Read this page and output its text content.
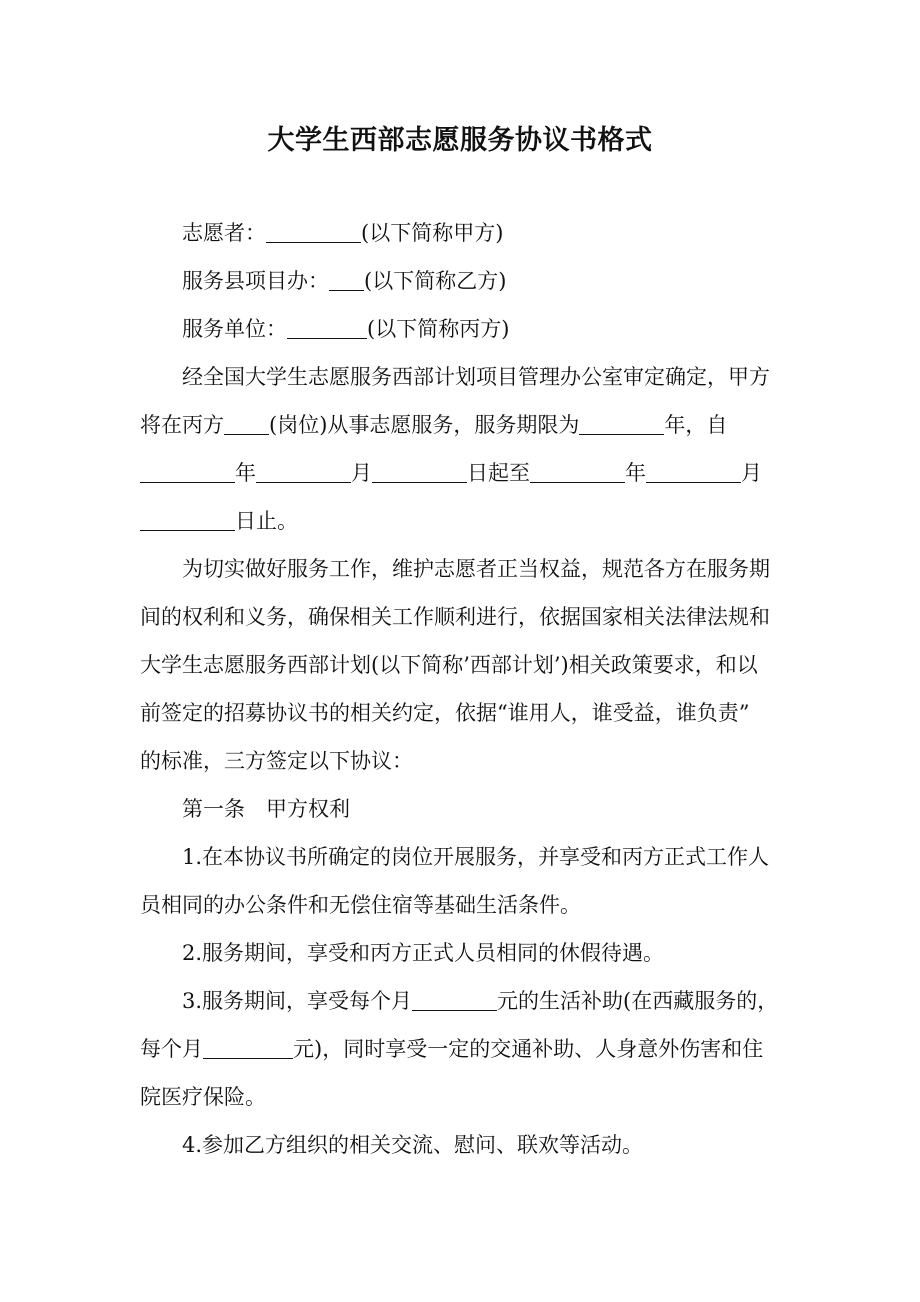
大学生西部志愿服务协议书格式
志愿者：	(以下简称甲方)
服务县项目办： (以下简称乙方)
服务单位：	(以下简称丙方)
经全国大学生志愿服务西部计划项目管理办公室审定确定，甲方
将在丙方 (岗位)从事志愿服务，服务期限为	年，自
年	月	日起至	年	月
日止。
为切实做好服务工作，维护志愿者正当权益，规范各方在服务期
间的权利和义务，确保相关工作顺利进行，依据国家相关法律法规和
大学生志愿服务西部计划(以下简称’西部计划’)相关政策要求，和以
前签定的招募协议书的相关约定，依据“谁用人，谁受益，谁负责”
的标准，三方签定以下协议：
第一条　甲方权利
1.在本协议书所确定的岗位开展服务，并享受和丙方正式工作人
员相同的办公条件和无偿住宿等基础生活条件。
2.服务期间，享受和丙方正式人员相同的休假待遇。
3.服务期间，享受每个月	元的生活补助(在西藏服务的，
每个月	元)，同时享受一定的交通补助、人身意外伤害和住
院医疗保险。
4.参加乙方组织的相关交流、慰问、联欢等活动。
